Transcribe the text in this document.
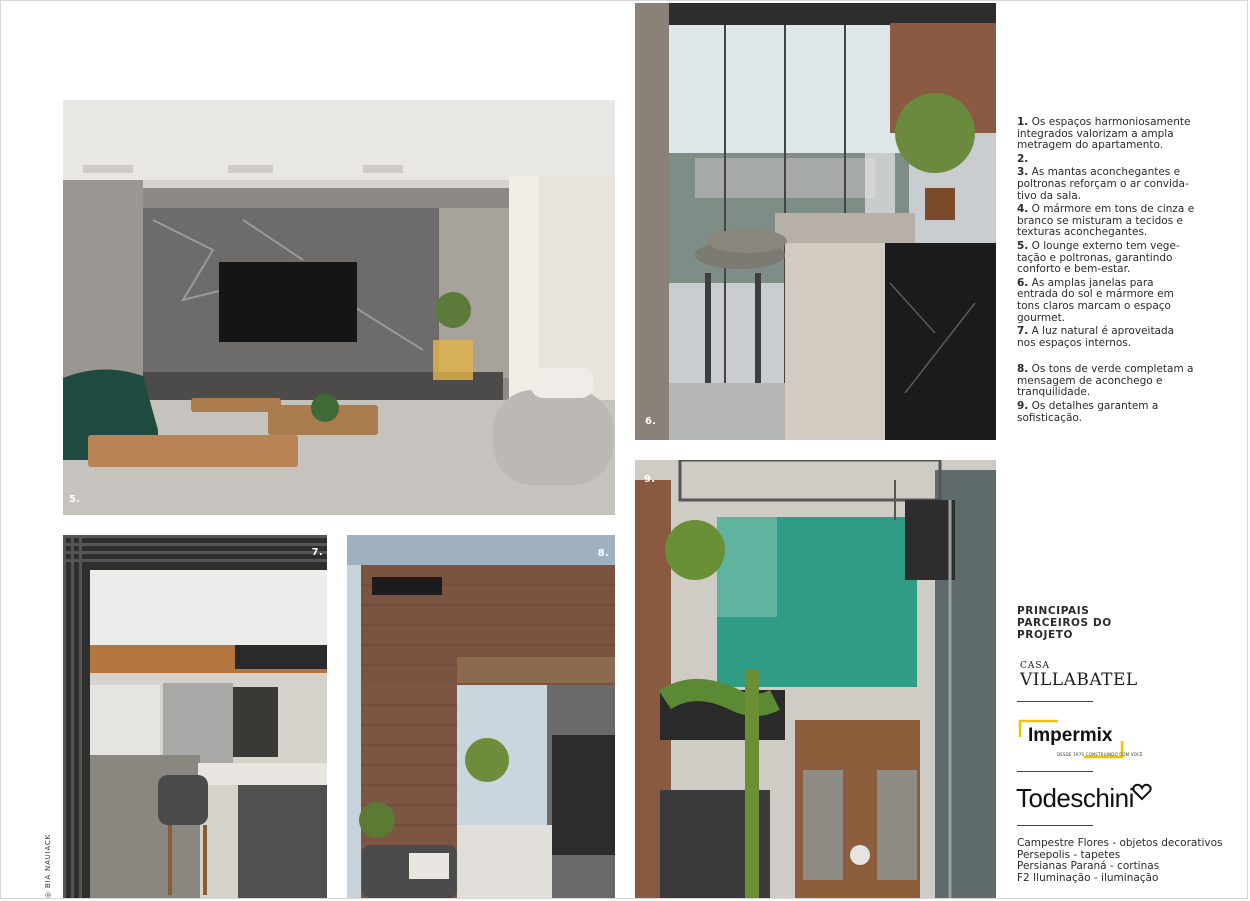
5.
6.
7.	8.
9.
◎ BIA NAUIACK

1. Os espaços harmoniosamente integrados valorizam a ampla metragem do apartamento.

2.

3. As mantas aconchegantes e poltronas reforçam o ar convida-tivo da sala.

4. O mármore em tons de cinza e branco se misturam a tecidos e texturas aconchegantes.

5. O lounge externo tem vege-tação e poltronas, garantindo conforto e bem-estar.

6. As amplas janelas para entrada do sol e mármore em tons claros marcam o espaço gourmet.

7. A luz natural é aproveitada nos espaços internos.

8. Os tons de verde completam a mensagem de aconchego e tranquilidade.

9. Os detalhes garantem a sofisticação.

PRINCIPAIS PARCEIROS DO PROJETO
CASA
VILLABATEL
Impermix
DESDE 1970 CONSTRUINDO COM VOCÊ
Todeschini
Campestre Flores - objetos decorativos
Persepolis - tapetes
Persianas Paraná - cortinas
F2 Iluminação - iluminação
